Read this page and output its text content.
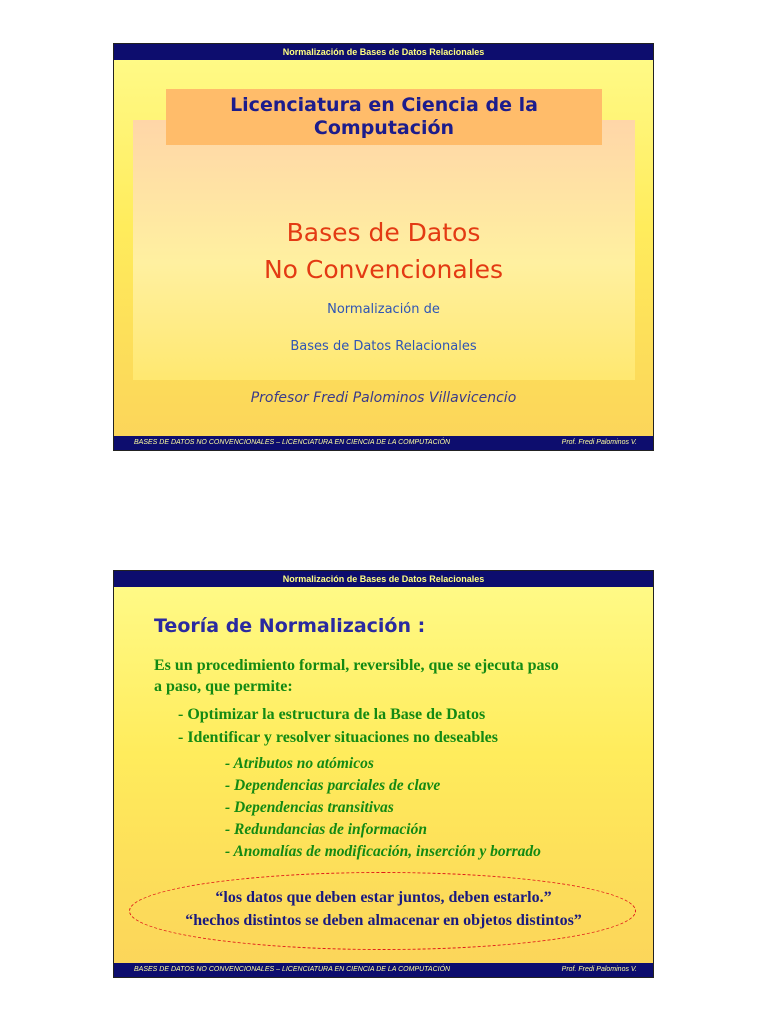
Normalización de Bases de Datos Relacionales
Licenciatura en Ciencia de la
Computación
Bases de Datos
No Convencionales
Normalización de
Bases de Datos Relacionales
Profesor Fredi Palominos Villavicencio
BASES DE DATOS NO CONVENCIONALES – LICENCIATURA EN CIENCIA DE LA COMPUTACIÓN	Prof. Fredi Palominos V.
Normalización de Bases de Datos Relacionales
Teoría de Normalización :
Es un procedimiento formal, reversible, que se ejecuta paso
a paso, que permite:
- Optimizar la estructura de la Base de Datos
- Identificar y resolver situaciones no deseables
- Atributos no atómicos
- Dependencias parciales de clave
- Dependencias transitivas
- Redundancias de información
- Anomalías de modificación, inserción y borrado
“los datos que deben estar juntos, deben estarlo.”
“hechos distintos se deben almacenar en objetos distintos”
BASES DE DATOS NO CONVENCIONALES – LICENCIATURA EN CIENCIA DE LA COMPUTACIÓN	Prof. Fredi Palominos V.
